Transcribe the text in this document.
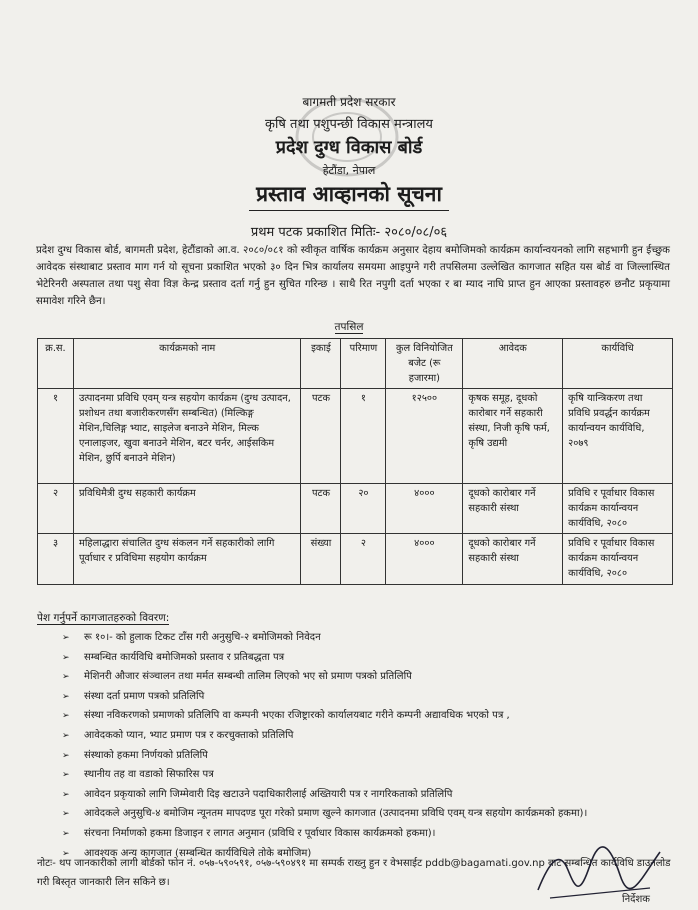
बागमती प्रदेश सरकार
कृषि तथा पशुपन्छी विकास मन्त्रालय
प्रदेश दुग्ध विकास बोर्ड
हेटौंडा, नेपाल
प्रस्ताव आव्हानको सूचना
प्रथम पटक प्रकाशित मितिः- २०८०/०८/०६

प्रदेश दुग्ध विकास बोर्ड, बागमती प्रदेश, हेटौंडाको आ.व. २०८०/०८१ को स्वीकृत वार्षिक कार्यक्रम अनुसार देहाय बमोजिमको कार्यक्रम कार्यान्वयनको लागि सहभागी हुन ईच्छुक आवेदक संस्थाबाट प्रस्ताव माग गर्न यो सूचना प्रकाशित भएको ३० दिन भित्र कार्यालय समयमा आइपुग्ने गरी तपसिलमा उल्लेखित कागजात सहित यस बोर्ड वा जिल्लास्थित भेटेरिनरी अस्पताल तथा पशु सेवा विज्ञ केन्द्र प्रस्ताव दर्ता गर्नु हुन सुचित गरिन्छ । साथै रित नपुगी दर्ता भएका र बा म्याद नाघि प्राप्त हुन आएका प्रस्तावहरु छनौट प्रकृयामा समावेश गरिने छैन।

तपसिल
क्र.स.	कार्यक्रमको नाम	इकाई	परिमाण	कुल विनियोजित बजेट (रू हजारमा)	आवेदक	कार्यविधि
१	उत्पादनमा प्रविधि एवम् यन्त्र सहयोग कार्यक्रम (दुग्ध उत्पादन, प्रशोधन तथा बजारीकरणसँग सम्बन्धित) (मिल्किङ्ग मेशिन,चिलिङ्ग भ्याट, साइलेज बनाउने मेशिन, मिल्क एनालाइजर, खुवा बनाउने मेशिन, बटर चर्नर, आईसकिम मेशिन, छुर्पि बनाउने मेशिन)	पटक	१	१२५००	कृषक समूह, दूधको कारोबार गर्ने सहकारी संस्था, निजी कृषि फर्म, कृषि उद्यमी	कृषि यान्त्रिकरण तथा प्रविधि प्रवर्द्धन कार्यक्रम कार्यान्वयन कार्यविधि, २०७९
२	प्रविधिमैत्री दुग्ध सहकारी कार्यक्रम	पटक	२०	४०००	दूधको कारोबार गर्ने सहकारी संस्था	प्रविधि र पूर्वाधार विकास कार्यक्रम कार्यान्वयन कार्यविधि, २०८०
३	महिलाद्धारा संचालित दुग्ध संकलन गर्ने सहकारीको लागि पूर्वाधार र प्रविधिमा सहयोग कार्यक्रम	संख्या	२	४०००	दूधको कारोबार गर्ने सहकारी संस्था	प्रविधि र पूर्वाधार विकास कार्यक्रम कार्यान्वयन कार्यविधि, २०८०
पेश गर्नुपर्ने कागजातहरुको विवरण:
➢ रू १०।- को हुलाक टिकट टाँस गरी अनुसुचि-२ बमोजिमको निवेदन
➢ सम्बन्धित कार्यविधि बमोजिमको प्रस्ताव र प्रतिबद्धता पत्र
➢ मेशिनरी औजार संञ्चालन तथा मर्मत सम्बन्धी तालिम लिएको भए सो प्रमाण पत्रको प्रतिलिपि
➢ संस्था दर्ता प्रमाण पत्रको प्रतिलिपि
➢ संस्था नविकरणको प्रमाणको प्रतिलिपि वा कम्पनी भएका रजिष्ट्रारको कार्यालयबाट गरीने कम्पनी अद्यावधिक भएको पत्र ,
➢ आवेदकको प्यान, भ्याट प्रमाण पत्र र करचुक्ताको प्रतिलिपि
➢ संस्थाको हकमा निर्णयको प्रतिलिपि
➢ स्थानीय तह वा वडाको सिफारिस पत्र
➢ आवेदन प्रकृयाको लागि जिम्मेवारी दिइ खटाउने पदाधिकारीलाई अख्तियारी पत्र र नागरिकताको प्रतिलिपि
➢ आवेदकले अनुसुचि-४ बमोजिम न्यूनतम मापदण्ड पूरा गरेको प्रमाण खुल्ने कागजात (उत्पादनमा प्रविधि एवम् यन्त्र सहयोग कार्यक्रमको हकमा)।
➢ संरचना निर्माणको हकमा डिजाइन र लागत अनुमान (प्रविधि र पूर्वाधार विकास कार्यक्रमको हकमा)।
➢ आवश्यक अन्य कागजात (सम्बन्धित कार्यविधिले तोके बमोजिम)

नोटः- थप जानकारीको लागी बोर्डको फोन नं. ०५७-५९०५९१, ०५७-५९०४९१ मा सम्पर्क राख्नु हुन र वेभसाईट pddb@bagamati.gov.np बाट सम्बन्धित कार्यविधि डाउनलोड गरी बिस्तृत जानकारी लिन सकिने छ।

निर्देशक
